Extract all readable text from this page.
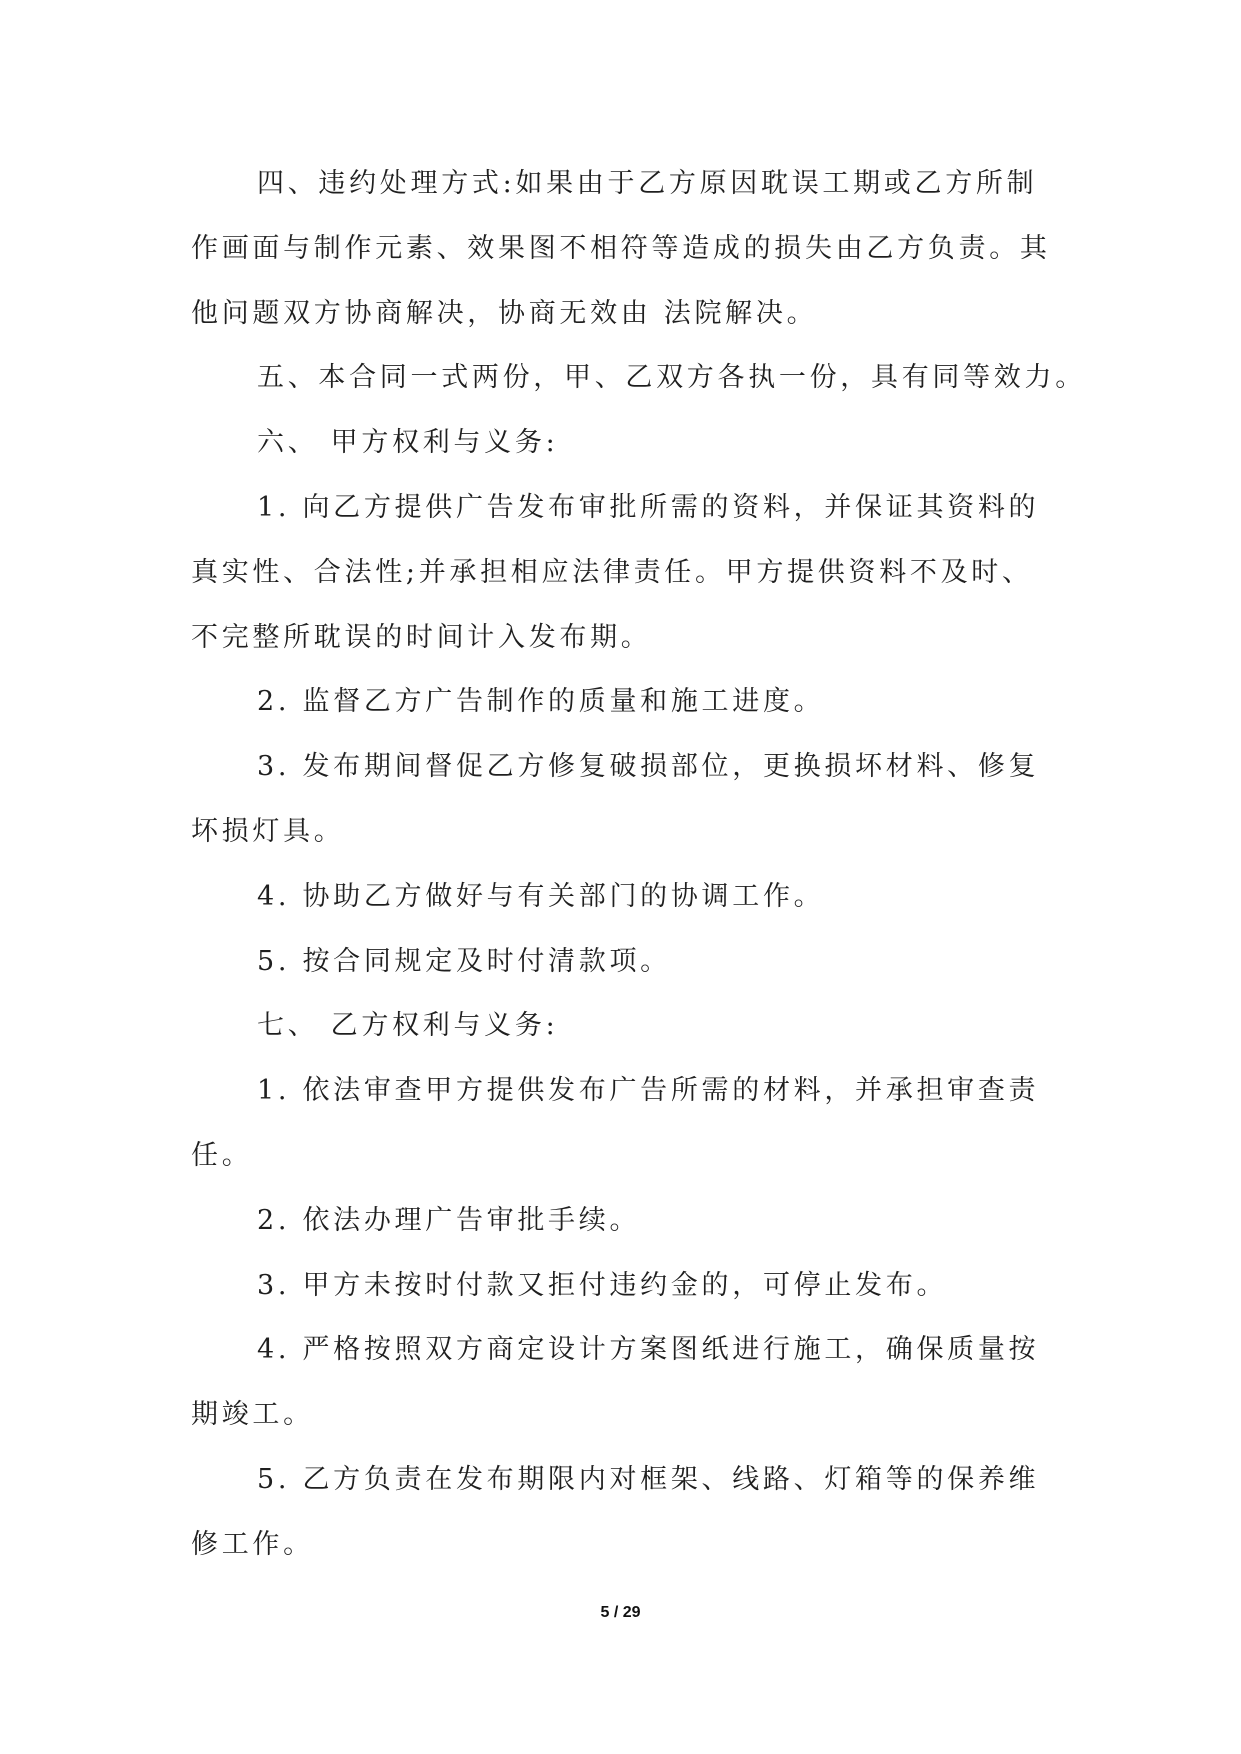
四、违约处理方式:如果由于乙方原因耽误工期或乙方所制
作画面与制作元素、效果图不相符等造成的损失由乙方负责。其
他问题双方协商解决，协商无效由 法院解决。
五、本合同一式两份，甲、乙双方各执一份，具有同等效力。
六、 甲方权利与义务:
1. 向乙方提供广告发布审批所需的资料，并保证其资料的
真实性、合法性;并承担相应法律责任。甲方提供资料不及时、
不完整所耽误的时间计入发布期。
2. 监督乙方广告制作的质量和施工进度。
3. 发布期间督促乙方修复破损部位，更换损坏材料、修复
坏损灯具。
4. 协助乙方做好与有关部门的协调工作。
5. 按合同规定及时付清款项。
七、 乙方权利与义务:
1. 依法审查甲方提供发布广告所需的材料，并承担审查责
任。
2. 依法办理广告审批手续。
3. 甲方未按时付款又拒付违约金的，可停止发布。
4. 严格按照双方商定设计方案图纸进行施工，确保质量按
期竣工。
5. 乙方负责在发布期限内对框架、线路、灯箱等的保养维
修工作。
5 / 29
